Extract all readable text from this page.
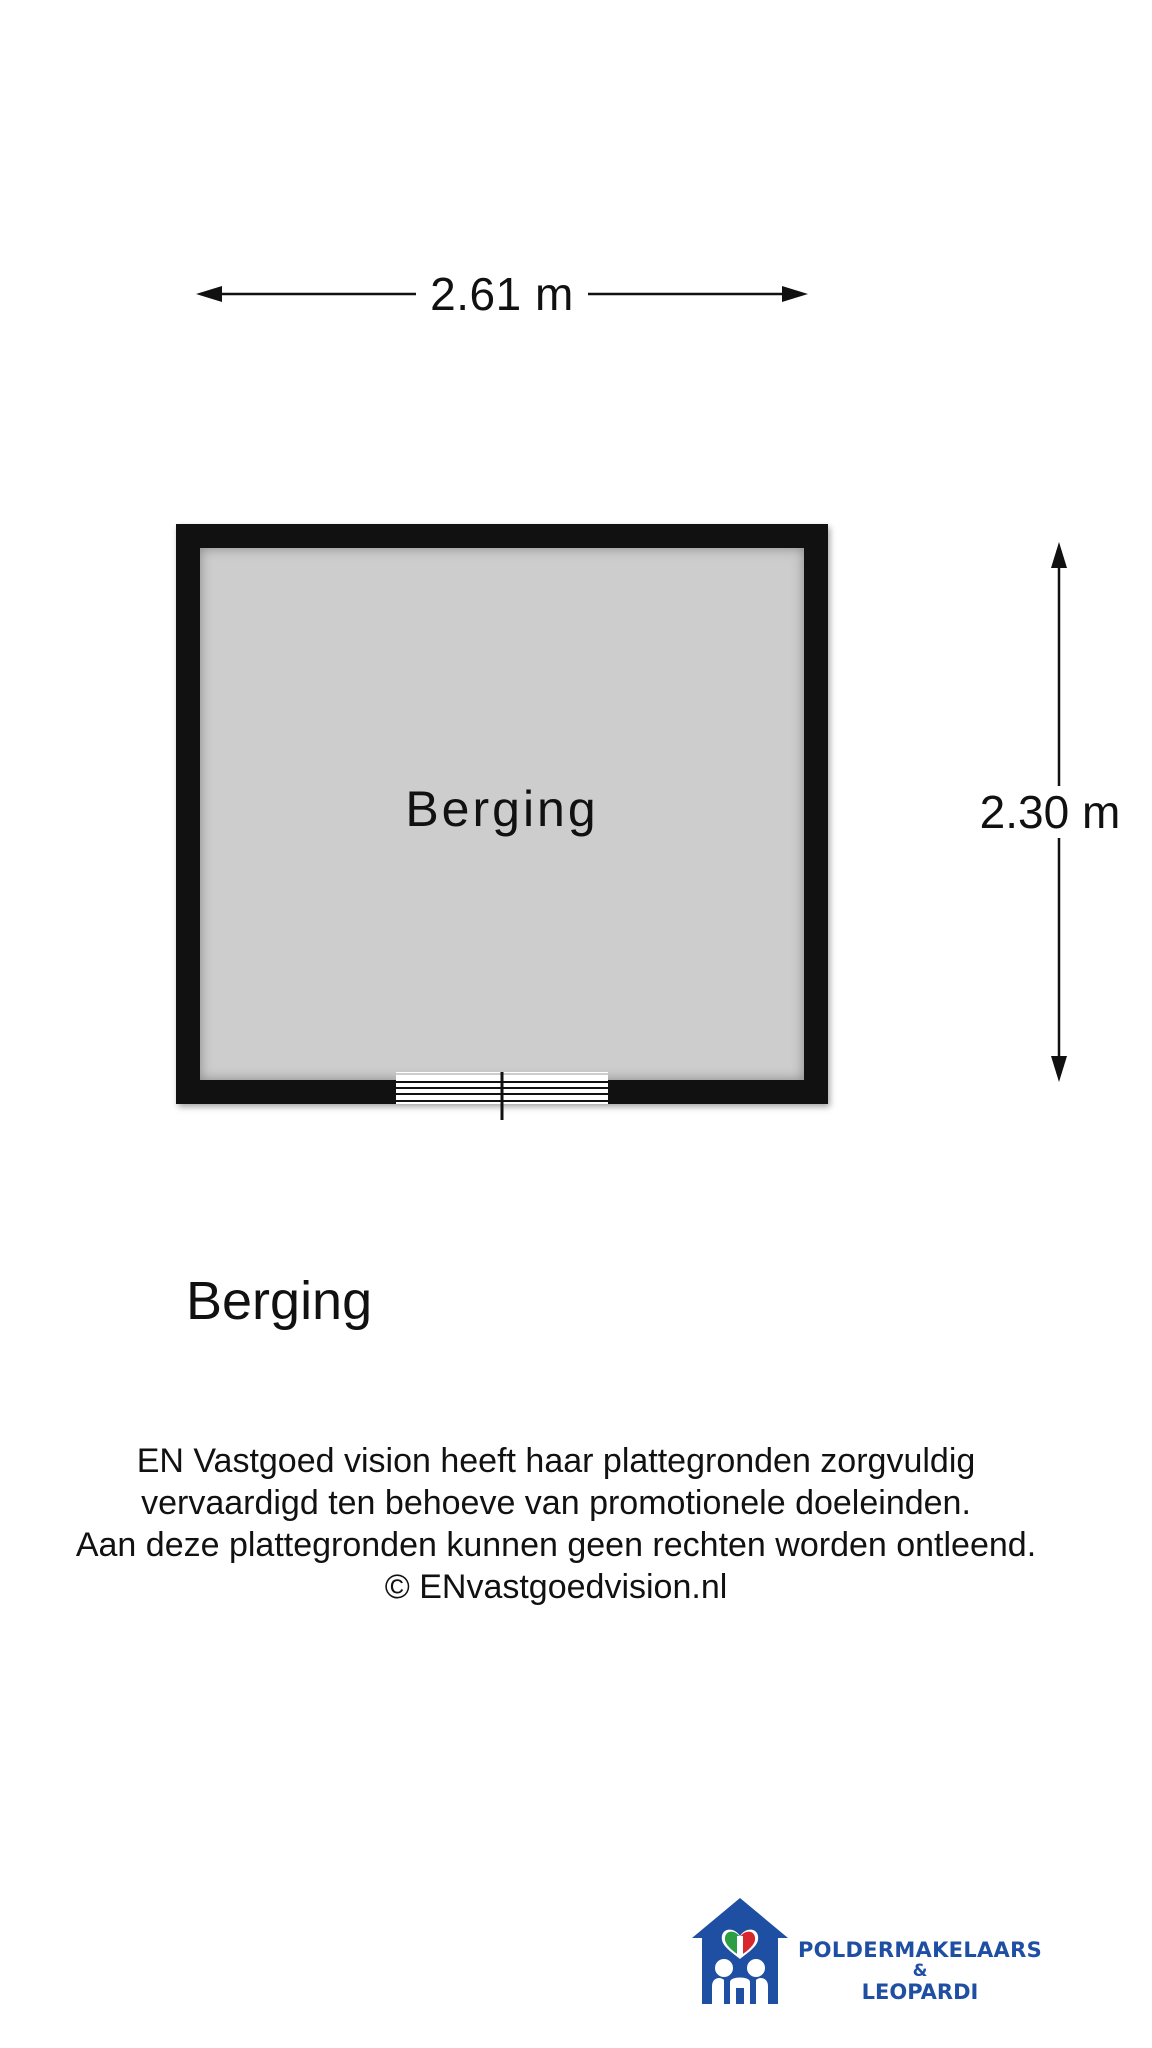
2.61 m
2.30 m
Berging
Berging
EN Vastgoed vision heeft haar plattegronden zorgvuldig
vervaardigd ten behoeve van promotionele doeleinden.
Aan deze plattegronden kunnen geen rechten worden ontleend.
© ENvastgoedvision.nl
POLDERMAKELAARS
&
LEOPARDI
